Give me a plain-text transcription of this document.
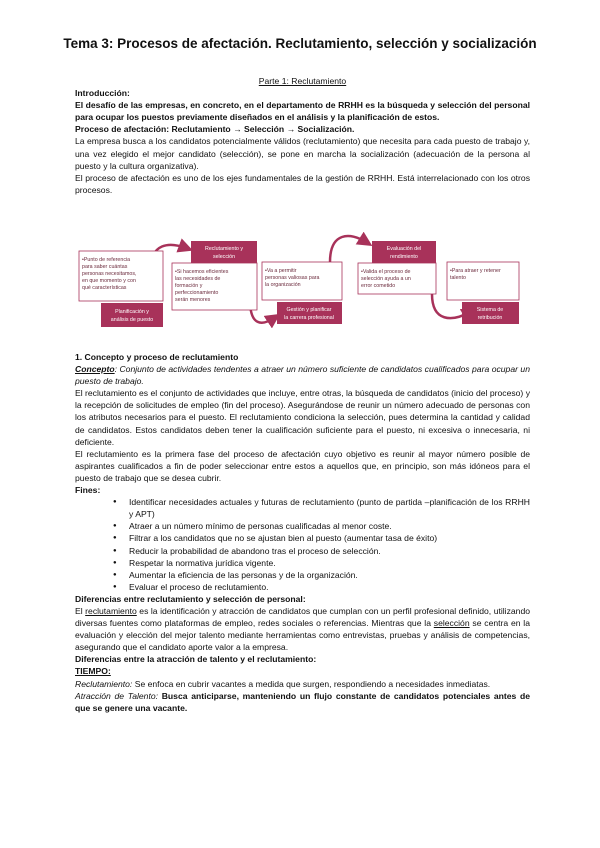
Tema 3: Procesos de afectación. Reclutamiento, selección y socialización

Parte 1: Reclutamiento

Introducción:

El desafío de las empresas, en concreto, en el departamento de RRHH es la búsqueda y selección del personal para ocupar los puestos previamente diseñados en el análisis y la planificación de estos.

Proceso de afectación: Reclutamiento → Selección → Socialización.

La empresa busca a los candidatos potencialmente válidos (reclutamiento) que necesita para cada puesto de trabajo y, una vez elegido el mejor candidato (selección), se pone en marcha la socialización (adecuación de la persona al puesto y la cultura organizativa).

El proceso de afectación es uno de los ejes fundamentales de la gestión de RRHH. Está interrelacionado con los otros procesos.

•Punto de referencia
para saber cuántas
personas necesitamos,
en que momento y con
qué características
Planificación y
análisis de puesto
Reclutamiento y
selección
•Si hacemos eficientes
las necesidades de
formación y
perfeccionamiento
serán menores
•Va a permitir
personas valiosas para
la organización
Gestión y planificar
la carrera profesional
Evaluación del
rendimiento
•Valida el proceso de
selección ayuda a un
error cometido
•Para atraer y retener
talento
Sistema de
retribución

1. Concepto y proceso de reclutamiento

Concepto: Conjunto de actividades tendentes a atraer un número suficiente de candidatos cualificados para ocupar un puesto de trabajo.

El reclutamiento es el conjunto de actividades que incluye, entre otras, la búsqueda de candidatos (inicio del proceso) y la recepción de solicitudes de empleo (fin del proceso). Asegurándose de reunir un número adecuado de personas con los atributos necesarios para el puesto. El reclutamiento condiciona la selección, pues determina la cantidad y calidad de candidatos. Estos candidatos deben tener la cualificación suficiente para el puesto, ni excesiva o innecesaria, ni deficiente.

El reclutamiento es la primera fase del proceso de afectación cuyo objetivo es reunir al mayor número posible de aspirantes cualificados a fin de poder seleccionar entre estos a aquellos que, en principio, son más idóneos para el puesto de trabajo que se desea cubrir.

Fines:

● Identificar necesidades actuales y futuras de reclutamiento (punto de partida –planificación de los RRHH y APT)
● Atraer a un número mínimo de personas cualificadas al menor coste.
● Filtrar a los candidatos que no se ajustan bien al puesto (aumentar tasa de éxito)
● Reducir la probabilidad de abandono tras el proceso de selección.
● Respetar la normativa jurídica vigente.
● Aumentar la eficiencia de las personas y de la organización.
● Evaluar el proceso de reclutamiento.

Diferencias entre reclutamiento y selección de personal:

El reclutamiento es la identificación y atracción de candidatos que cumplan con un perfil profesional definido, utilizando diversas fuentes como plataformas de empleo, redes sociales o referencias. Mientras que la selección se centra en la evaluación y elección del mejor talento mediante herramientas como entrevistas, pruebas y análisis de competencias, asegurando que el candidato aporte valor a la empresa.

Diferencias entre la atracción de talento y el reclutamiento:

TIEMPO:

Reclutamiento: Se enfoca en cubrir vacantes a medida que surgen, respondiendo a necesidades inmediatas.

Atracción de Talento: Busca anticiparse, manteniendo un flujo constante de candidatos potenciales antes de que se genere una vacante.
